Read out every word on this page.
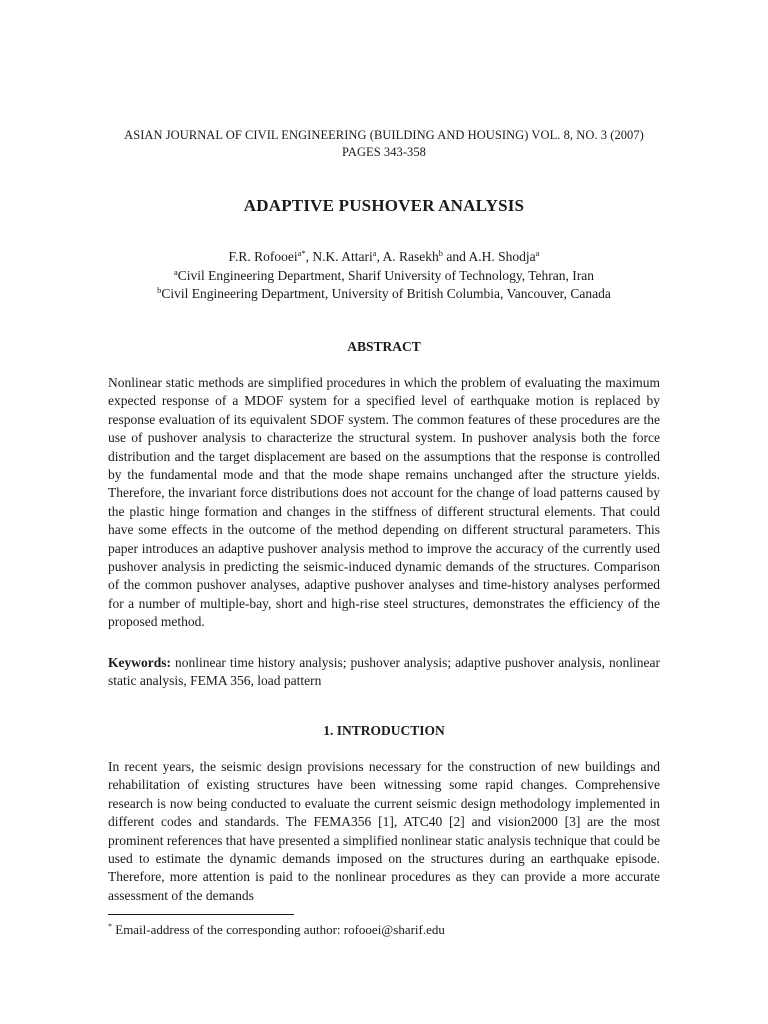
ASIAN JOURNAL OF CIVIL ENGINEERING (BUILDING AND HOUSING) VOL. 8, NO. 3 (2007)
PAGES 343-358
ADAPTIVE PUSHOVER ANALYSIS
F.R. Rofooei$^{a*}$, N.K. Attari$^a$, A. Rasekh$^b$ and A.H. Shodja$^a$
$^a$Civil Engineering Department, Sharif University of Technology, Tehran, Iran
$^b$Civil Engineering Department, University of British Columbia, Vancouver, Canada
ABSTRACT
Nonlinear static methods are simplified procedures in which the problem of evaluating the maximum expected response of a MDOF system for a specified level of earthquake motion is replaced by response evaluation of its equivalent SDOF system. The common features of these procedures are the use of pushover analysis to characterize the structural system. In pushover analysis both the force distribution and the target displacement are based on the assumptions that the response is controlled by the fundamental mode and that the mode shape remains unchanged after the structure yields. Therefore, the invariant force distributions does not account for the change of load patterns caused by the plastic hinge formation and changes in the stiffness of different structural elements. That could have some effects in the outcome of the method depending on different structural parameters. This paper introduces an adaptive pushover analysis method to improve the accuracy of the currently used pushover analysis in predicting the seismic-induced dynamic demands of the structures. Comparison of the common pushover analyses, adaptive pushover analyses and time-history analyses performed for a number of multiple-bay, short and high-rise steel structures, demonstrates the efficiency of the proposed method.
Keywords: nonlinear time history analysis; pushover analysis; adaptive pushover analysis, nonlinear static analysis, FEMA 356, load pattern
1. INTRODUCTION
In recent years, the seismic design provisions necessary for the construction of new buildings and rehabilitation of existing structures have been witnessing some rapid changes. Comprehensive research is now being conducted to evaluate the current seismic design methodology implemented in different codes and standards. The FEMA356 [1], ATC40 [2] and vision2000 [3] are the most prominent references that have presented a simplified nonlinear static analysis technique that could be used to estimate the dynamic demands imposed on the structures during an earthquake episode. Therefore, more attention is paid to the nonlinear procedures as they can provide a more accurate assessment of the demands
* Email-address of the corresponding author: rofooei@sharif.edu
